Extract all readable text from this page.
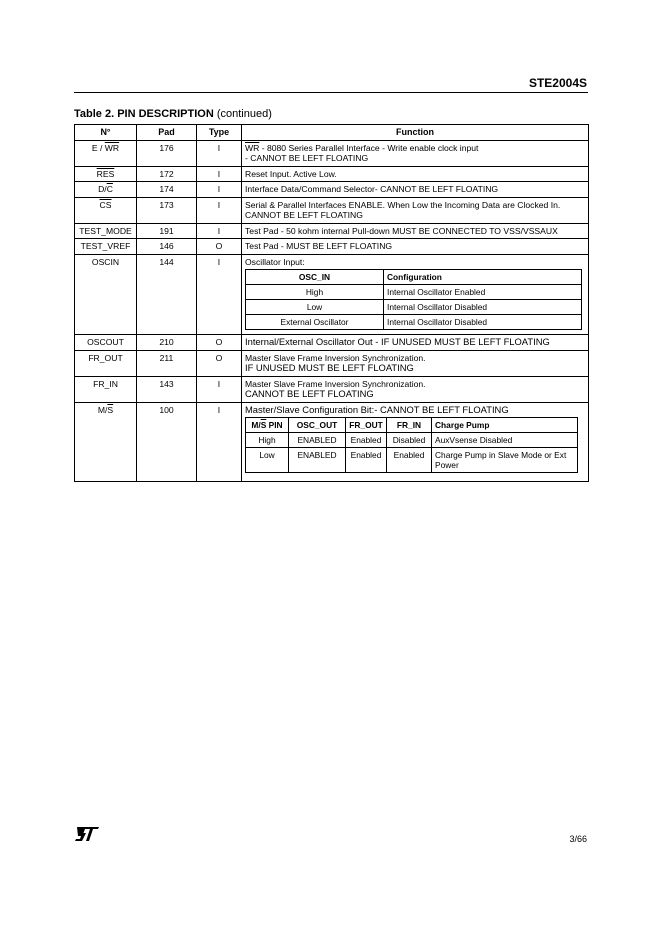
STE2004S
Table 2. PIN DESCRIPTION (continued)
N°	Pad	Type	Function
E / $\overline{WR}$	176	I	$\overline{WR} - 8080$ Series Parallel Interface - Write enable clock input
- CANNOT BE LEFT FLOATING
$\overline{RES}$	172	I	Reset Input. Active Low.
$D/\overline{C}$	174	I	Interface Data/Command Selector- CANNOT BE LEFT FLOATING
$\overline{CS}$	173	I	Serial & Parallel Interfaces ENABLE. When Low the Incoming Data are Clocked In. CANNOT BE LEFT FLOATING
TEST_MODE	191	I	Test Pad - 50 kohm internal Pull-down MUST BE CONNECTED TO VSS/VSSAUX
TEST_VREF	146	O	Test Pad - MUST BE LEFT FLOATING
OSCIN	144	I	Oscillator Input:
OSC_IN	Configuration
High	Internal Oscillator Enabled
Low	Internal Oscillator Disabled
External Oscillator	Internal Oscillator Disabled

OSCOUT	210	O	Internal/External Oscillator Out - IF UNUSED MUST BE LEFT FLOATING
FR_OUT	211	O	Master Slave Frame Inversion Synchronization.
IF UNUSED MUST BE LEFT FLOATING
FR_IN	143	I	Master Slave Frame Inversion Synchronization.
CANNOT BE LEFT FLOATING
$M/\overline{S}$	100	I	Master/Slave Configuration Bit:- CANNOT BE LEFT FLOATING
$M/\overline{S}$ PIN	OSC_OUT	FR_OUT	FR_IN	Charge Pump
High	ENABLED	Enabled	Disabled	AuxVsense Disabled
Low	ENABLED	Enabled	Enabled	Charge Pump in Slave Mode or Ext Power
3/66
